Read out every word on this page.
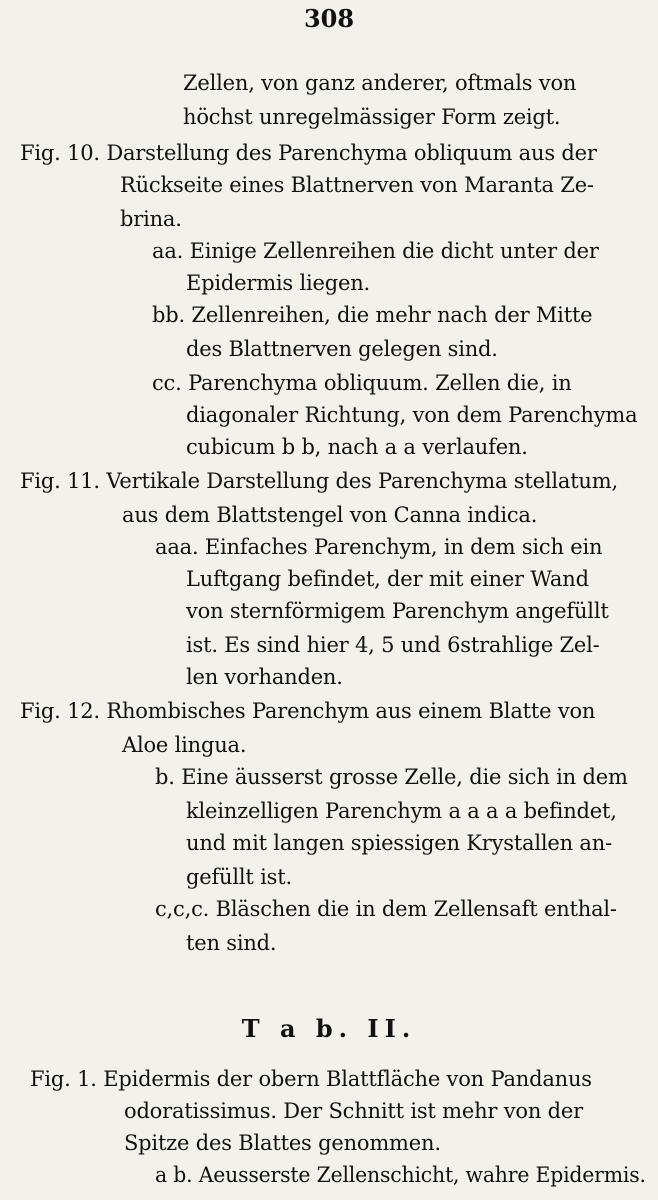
308
Zellen, von ganz anderer, oftmals von
höchst unregelmässiger Form zeigt.
Fig. 10. Darstellung des Parenchyma obliquum aus der
Rückseite eines Blattnerven von Maranta Ze-
brina.
aa. Einige Zellenreihen die dicht unter der
Epidermis liegen.
bb. Zellenreihen, die mehr nach der Mitte
des Blattnerven gelegen sind.
cc. Parenchyma obliquum. Zellen die, in
diagonaler Richtung, von dem Parenchyma
cubicum b b, nach a a verlaufen.
Fig. 11. Vertikale Darstellung des Parenchyma stellatum,
aus dem Blattstengel von Canna indica.
aaa. Einfaches Parenchym, in dem sich ein
Luftgang befindet, der mit einer Wand
von sternförmigem Parenchym angefüllt
ist. Es sind hier 4, 5 und 6strahlige Zel-
len vorhanden.
Fig. 12. Rhombisches Parenchym aus einem Blatte von
Aloe lingua.
b. Eine äusserst grosse Zelle, die sich in dem
kleinzelligen Parenchym a a a a befindet,
und mit langen spiessigen Krystallen an-
gefüllt ist.
c,c,c. Bläschen die in dem Zellensaft enthal-
ten sind.
T a b. II.
Fig. 1. Epidermis der obern Blattfläche von Pandanus
odoratissimus. Der Schnitt ist mehr von der
Spitze des Blattes genommen.
a b. Aeusserste Zellenschicht, wahre Epidermis.
